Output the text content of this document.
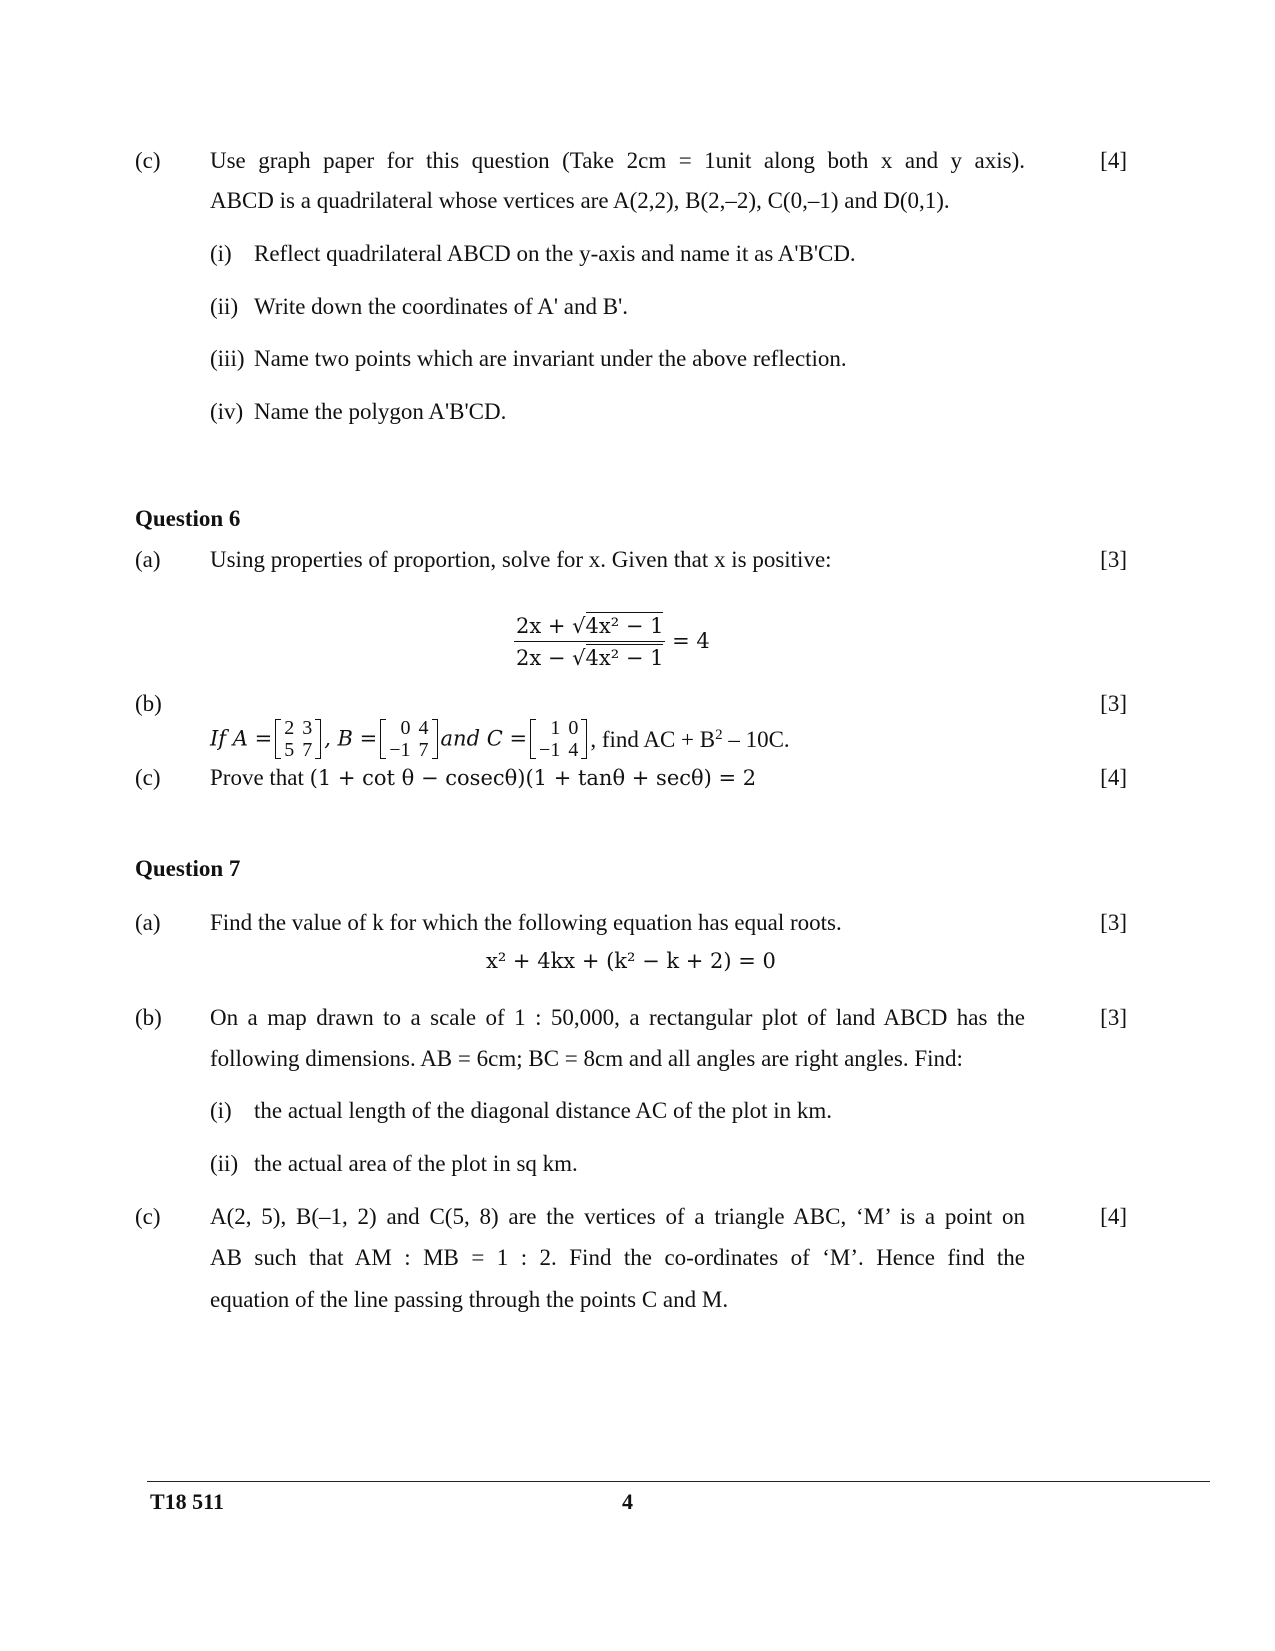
(c) Use graph paper for this question (Take 2cm = 1unit along both x and y axis).	[4]
ABCD is a quadrilateral whose vertices are A(2,2), B(2,–2), C(0,–1) and D(0,1).
(i) Reflect quadrilateral ABCD on the y-axis and name it as A'B'CD.
(ii) Write down the coordinates of A' and B'.
(iii) Name two points which are invariant under the above reflection.
(iv) Name the polygon A'B'CD.
Question 6
(a) Using properties of proportion, solve for x. Given that x is positive:	[3]
$\frac{\text{2x + √4x² − 1}}{\text{2x − √4x² − 1}} = 4$
(b)	[3]
If A = 2	3
5	7 , B = 0	4
−1	7 and C = 1	0
−1	4 , find AC + $B^2 - 10C$.
(c) Prove that (1 + cot θ − cosecθ)(1 + tanθ + secθ) = 2	[4]
Question 7
(a) Find the value of k for which the following equation has equal roots.	[3]
x² + 4kx + (k² − k + 2) = 0
(b) On a map drawn to a scale of 1 : 50,000, a rectangular plot of land ABCD has the	[3]
following dimensions. AB = 6cm; BC = 8cm and all angles are right angles. Find:
(i) the actual length of the diagonal distance AC of the plot in km.
(ii) the actual area of the plot in sq km.
(c) A(2, 5), B(–1, 2) and C(5, 8) are the vertices of a triangle ABC, ‘M’ is a point on	[4]
AB such that AM : MB = 1 : 2. Find the co-ordinates of ‘M’. Hence find the
equation of the line passing through the points C and M.
T18 511	4
